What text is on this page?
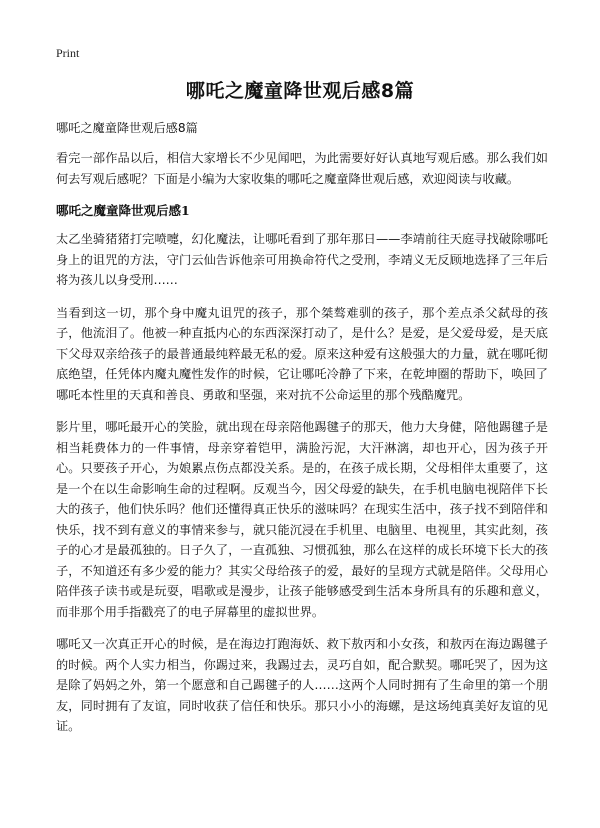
Print
哪吒之魔童降世观后感8篇

哪吒之魔童降世观后感8篇

看完一部作品以后，相信大家增长不少见闻吧，为此需要好好认真地写观后感。那么我们如何去写观后感呢？下面是小编为大家收集的哪吒之魔童降世观后感，欢迎阅读与收藏。

哪吒之魔童降世观后感1

太乙坐骑猪猪打完喷嚏，幻化魔法，让哪吒看到了那年那日——李靖前往天庭寻找破除哪吒身上的诅咒的方法，守门云仙告诉他亲可用换命符代之受刑，李靖义无反顾地选择了三年后将为孩儿以身受刑……

当看到这一切，那个身中魔丸诅咒的孩子，那个桀骜难驯的孩子，那个差点杀父弑母的孩子，他流泪了。他被一种直抵内心的东西深深打动了，是什么？是爱，是父爱母爱，是天底下父母双亲给孩子的最普通最纯粹最无私的爱。原来这种爱有这般强大的力量，就在哪吒彻底绝望，任凭体内魔丸魔性发作的时候，它让哪吒冷静了下来，在乾坤圈的帮助下，唤回了哪吒本性里的天真和善良、勇敢和坚强，来对抗不公命运里的那个残酷魔咒。

影片里，哪吒最开心的笑脸，就出现在母亲陪他踢毽子的那天，他力大身健，陪他踢毽子是相当耗费体力的一件事情，母亲穿着铠甲，满脸污泥，大汗淋漓，却也开心，因为孩子开心。只要孩子开心，为娘累点伤点都没关系。是的，在孩子成长期，父母相伴太重要了，这是一个在以生命影响生命的过程啊。反观当今，因父母爱的缺失，在手机电脑电视陪伴下长大的孩子，他们快乐吗？他们还懂得真正快乐的滋味吗？在现实生活中，孩子找不到陪伴和快乐，找不到有意义的事情来参与，就只能沉浸在手机里、电脑里、电视里，其实此刻，孩子的心才是最孤独的。日子久了，一直孤独、习惯孤独，那么在这样的成长环境下长大的孩子，不知道还有多少爱的能力？其实父母给孩子的爱，最好的呈现方式就是陪伴。父母用心陪伴孩子读书或是玩耍，唱歌或是漫步，让孩子能够感受到生活本身所具有的乐趣和意义，而非那个用手指戳亮了的电子屏幕里的虚拟世界。

哪吒又一次真正开心的时候，是在海边打跑海妖、救下敖丙和小女孩，和敖丙在海边踢毽子的时候。两个人实力相当，你踢过来，我踢过去，灵巧自如，配合默契。哪吒哭了，因为这是除了妈妈之外，第一个愿意和自己踢毽子的人……这两个人同时拥有了生命里的第一个朋友，同时拥有了友谊，同时收获了信任和快乐。那只小小的海螺，是这场纯真美好友谊的见证。
